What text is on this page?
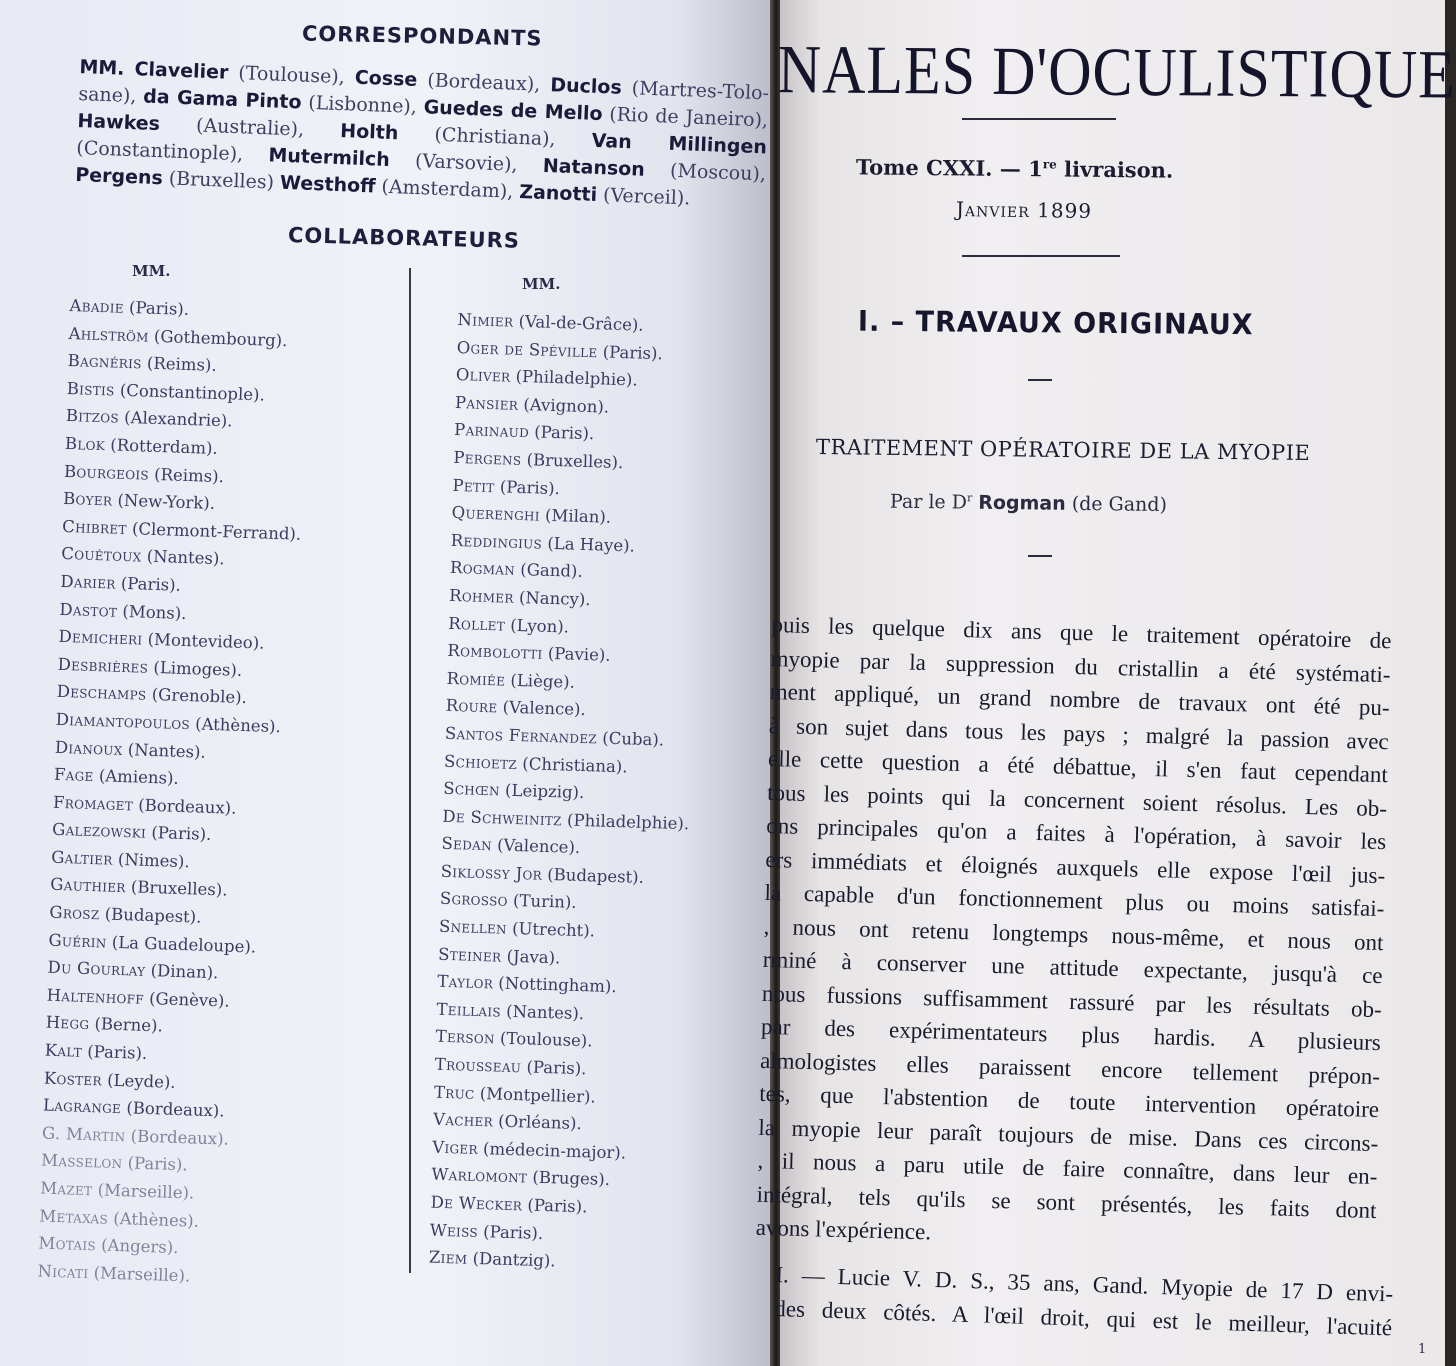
CORRESPONDANTS
MM. Clavelier (Toulouse), Cosse (Bordeaux), Duclos (Martres-Tolo- sane), da Gama Pinto (Lisbonne), Guedes de Mello (Rio de Janeiro), Hawkes (Australie), Holth (Christiana), Van Millingen (Constantinople), Mutermilch (Varsovie), Natanson (Moscou), Pergens (Bruxelles) Westhoff (Amsterdam), Zanotti (Verceil).
COLLABORATEURS
MM.
MM.
Abadie (Paris).
Ahlström (Gothembourg).
Bagnéris (Reims).
Bistis (Constantinople).
Bitzos (Alexandrie).
Blok (Rotterdam).
Bourgeois (Reims).
Boyer (New-York).
Chibret (Clermont-Ferrand).
Couétoux (Nantes).
Darier (Paris).
Dastot (Mons).
Demicheri (Montevideo).
Desbrières (Limoges).
Deschamps (Grenoble).
Diamantopoulos (Athènes).
Dianoux (Nantes).
Fage (Amiens).
Fromaget (Bordeaux).
Galezowski (Paris).
Galtier (Nimes).
Gauthier (Bruxelles).
Grosz (Budapest).
Guérin (La Guadeloupe).
Du Gourlay (Dinan).
Haltenhoff (Genève).
Hegg (Berne).
Kalt (Paris).
Koster (Leyde).
Lagrange (Bordeaux).
G. Martin (Bordeaux).
Masselon (Paris).
Mazet (Marseille).
Metaxas (Athènes).
Motais (Angers).
Nicati (Marseille).
Nimier (Val-de-Grâce).
Oger de Spéville (Paris).
Oliver (Philadelphie).
Pansier (Avignon).
Parinaud (Paris).
Pergens (Bruxelles).
Petit (Paris).
Querenghi (Milan).
Reddingius (La Haye).
Rogman (Gand).
Rohmer (Nancy).
Rollet (Lyon).
Rombolotti (Pavie).
Romiée (Liège).
Roure (Valence).
Santos Fernandez (Cuba).
Schioetz (Christiana).
Schœn (Leipzig).
De Schweinitz (Philadelphie).
Sedan (Valence).
Siklossy Jor (Budapest).
Sgrosso (Turin).
Snellen (Utrecht).
Steiner (Java).
Taylor (Nottingham).
Teillais (Nantes).
Terson (Toulouse).
Trousseau (Paris).
Truc (Montpellier).
Vacher (Orléans).
Viger (médecin-major).
Warlomont (Bruges).
De Wecker (Paris).
Weiss (Paris).
Ziem (Dantzig).
NALES D'OCULISTIQUE
Tome CXXI. — 1re livraison.
Janvier 1899
I. – TRAVAUX ORIGINAUX
TRAITEMENT OPÉRATOIRE DE LA MYOPIE
Par le $D^r$ Rogman (de Gand)
puis les quelque dix ans que le traitement opératoire de
myopie par la suppression du cristallin a été systémati-
ment appliqué, un grand nombre de travaux ont été pu-
à son sujet dans tous les pays ; malgré la passion avec
elle cette question a été débattue, il s'en faut cependant
tous les points qui la concernent soient résolus. Les ob-
ons principales qu'on a faites à l'opération, à savoir les
ers immédiats et éloignés auxquels elle expose l'œil jus-
là capable d'un fonctionnement plus ou moins satisfai-
, nous ont retenu longtemps nous-même, et nous ont
rminé à conserver une attitude expectante, jusqu'à ce
nous fussions suffisamment rassuré par les résultats ob-
par des expérimentateurs plus hardis. A plusieurs
almologistes elles paraissent encore tellement prépon-
tes, que l'abstention de toute intervention opératoire
la myopie leur paraît toujours de mise. Dans ces circons-
, il nous a paru utile de faire connaître, dans leur en-
intégral, tels qu'ils se sont présentés, les faits dont
avons l'expérience.
I. — Lucie V. D. S., 35 ans, Gand. Myopie de 17 D envi-
des deux côtés. A l'œil droit, qui est le meilleur, l'acuité
1
